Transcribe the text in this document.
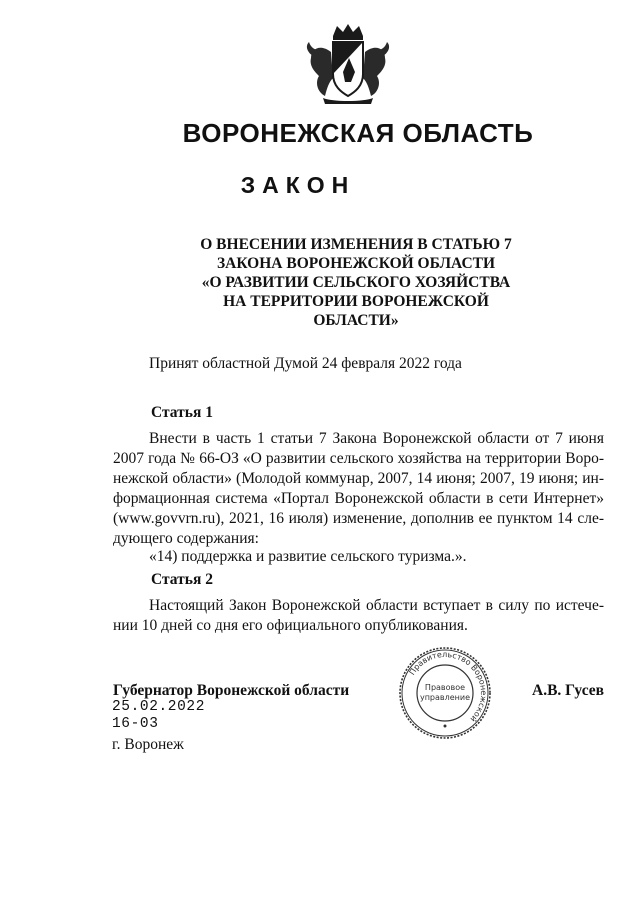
ВОРОНЕЖСКАЯ ОБЛАСТЬ
ЗАКОН
О ВНЕСЕНИИ ИЗМЕНЕНИЯ В СТАТЬЮ 7
ЗАКОНА ВОРОНЕЖСКОЙ ОБЛАСТИ
«О РАЗВИТИИ СЕЛЬСКОГО ХОЗЯЙСТВА
НА ТЕРРИТОРИИ ВОРОНЕЖСКОЙ
ОБЛАСТИ»
Принят областной Думой 24 февраля 2022 года
Статья 1
Внести в часть 1 статьи 7 Закона Воронежской области от 7 июня
2007 года № 66-ОЗ «О развитии сельского хозяйства на территории Воро-
нежской области» (Молодой коммунар, 2007, 14 июня; 2007, 19 июня; ин-
формационная система «Портал Воронежской области в сети Интернет»
(www.govvrn.ru), 2021, 16 июля) изменение, дополнив ее пунктом 14 сле-
дующего содержания:
«14) поддержка и развитие сельского туризма.».
Статья 2
Настоящий Закон Воронежской области вступает в силу по истече-
нии 10 дней со дня его официального опубликования.
Губернатор Воронежской области	А.В. Гусев
25.02.2022
16-03
г. Воронеж
Правительство Воронежской
Правовое
управление
